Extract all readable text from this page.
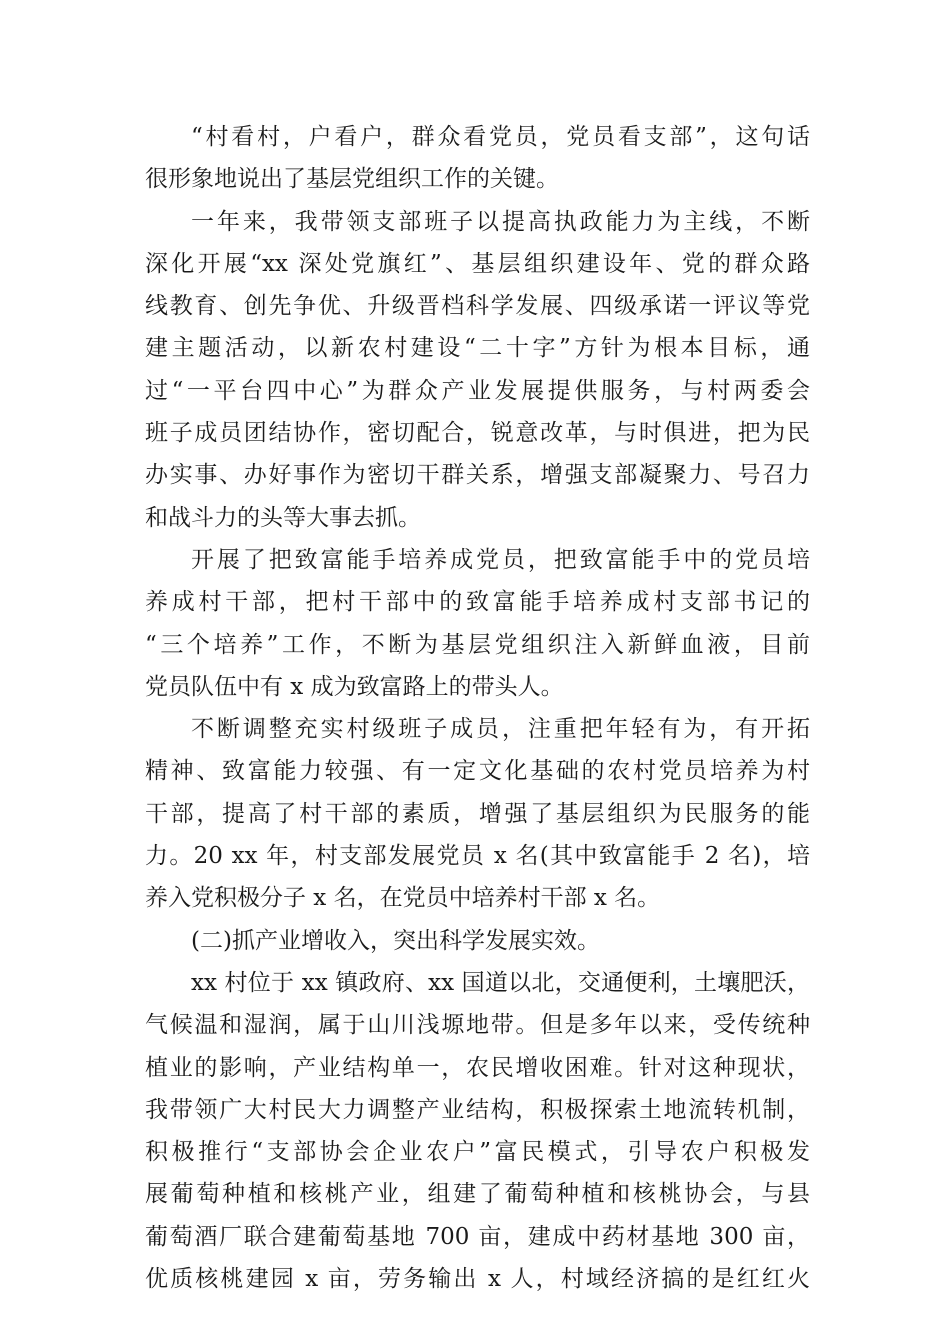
“村看村，户看户，群众看党员，党员看支部”，这句话
很形象地说出了基层党组织工作的关键。
一年来，我带领支部班子以提高执政能力为主线，不断
深化开展“xx 深处党旗红”、基层组织建设年、党的群众路
线教育、创先争优、升级晋档科学发展、四级承诺一评议等党
建主题活动，以新农村建设“二十字”方针为根本目标，通
过“一平台四中心”为群众产业发展提供服务，与村两委会
班子成员团结协作，密切配合，锐意改革，与时俱进，把为民
办实事、办好事作为密切干群关系，增强支部凝聚力、号召力
和战斗力的头等大事去抓。
开展了把致富能手培养成党员，把致富能手中的党员培
养成村干部，把村干部中的致富能手培养成村支部书记的
“三个培养”工作，不断为基层党组织注入新鲜血液，目前
党员队伍中有 x 成为致富路上的带头人。
不断调整充实村级班子成员，注重把年轻有为，有开拓
精神、致富能力较强、有一定文化基础的农村党员培养为村
干部，提高了村干部的素质，增强了基层组织为民服务的能
力。20 xx 年，村支部发展党员 x 名(其中致富能手 2 名)，培
养入党积极分子 x 名，在党员中培养村干部 x 名。
(二)抓产业增收入，突出科学发展实效。
xx 村位于 xx 镇政府、xx 国道以北，交通便利，土壤肥沃，
气候温和湿润，属于山川浅塬地带。但是多年以来，受传统种
植业的影响，产业结构单一，农民增收困难。针对这种现状，
我带领广大村民大力调整产业结构，积极探索土地流转机制，
积极推行“支部协会企业农户”富民模式，引导农户积极发
展葡萄种植和核桃产业，组建了葡萄种植和核桃协会，与县
葡萄酒厂联合建葡萄基地 700 亩，建成中药材基地 300 亩，
优质核桃建园 x 亩，劳务输出 x 人，村域经济搞的是红红火
